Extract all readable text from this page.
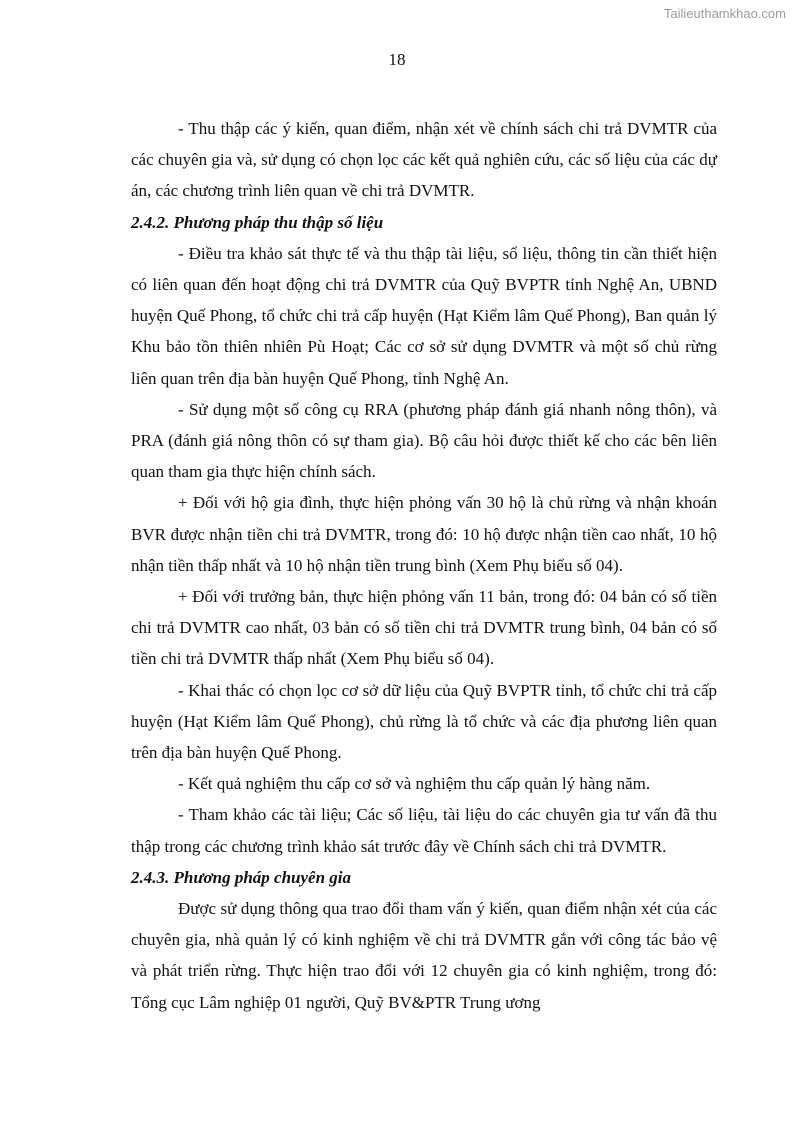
Tailieuthamkhao.com
18

- Thu thập các ý kiến, quan điểm, nhận xét về chính sách chi trả DVMTR của các chuyên gia và, sử dụng có chọn lọc các kết quả nghiên cứu, các số liệu của các dự án, các chương trình liên quan về chi trả DVMTR.

2.4.2. Phương pháp thu thập số liệu

- Điều tra khảo sát thực tế và thu thập tài liệu, số liệu, thông tin cần thiết hiện có liên quan đến hoạt động chi trả DVMTR của Quỹ BVPTR tỉnh Nghệ An, UBND huyện Quế Phong, tổ chức chi trả cấp huyện (Hạt Kiểm lâm Quế Phong), Ban quản lý Khu bảo tồn thiên nhiên Pù Hoạt; Các cơ sở sử dụng DVMTR và một số chủ rừng liên quan trên địa bàn huyện Quế Phong, tỉnh Nghệ An.

- Sử dụng một số công cụ RRA (phương pháp đánh giá nhanh nông thôn), và PRA (đánh giá nông thôn có sự tham gia). Bộ câu hỏi được thiết kế cho các bên liên quan tham gia thực hiện chính sách.

+ Đối với hộ gia đình, thực hiện phỏng vấn 30 hộ là chủ rừng và nhận khoán BVR được nhận tiền chi trả DVMTR, trong đó: 10 hộ được nhận tiền cao nhất, 10 hộ nhận tiền thấp nhất và 10 hộ nhận tiền trung bình (Xem Phụ biểu số 04).

+ Đối với trưởng bản, thực hiện phỏng vấn 11 bản, trong đó: 04 bản có số tiền chi trả DVMTR cao nhất, 03 bản có số tiền chi trả DVMTR trung bình, 04 bản có số tiền chi trả DVMTR thấp nhất (Xem Phụ biểu số 04).

- Khai thác có chọn lọc cơ sở dữ liệu của Quỹ BVPTR tỉnh, tổ chức chi trả cấp huyện (Hạt Kiểm lâm Quế Phong), chủ rừng là tổ chức và các địa phương liên quan trên địa bàn huyện Quế Phong.

- Kết quả nghiệm thu cấp cơ sở và nghiệm thu cấp quản lý hàng năm.

- Tham khảo các tài liệu; Các số liệu, tài liệu do các chuyên gia tư vấn đã thu thập trong các chương trình khảo sát trước đây về Chính sách chi trả DVMTR.

2.4.3. Phương pháp chuyên gia

Được sử dụng thông qua trao đổi tham vấn ý kiến, quan điểm nhận xét của các chuyên gia, nhà quản lý có kinh nghiệm về chi trả DVMTR gắn với công tác bảo vệ và phát triển rừng. Thực hiện trao đổi với 12 chuyên gia có kinh nghiệm, trong đó: Tổng cục Lâm nghiệp 01 người, Quỹ BV&PTR Trung ương
